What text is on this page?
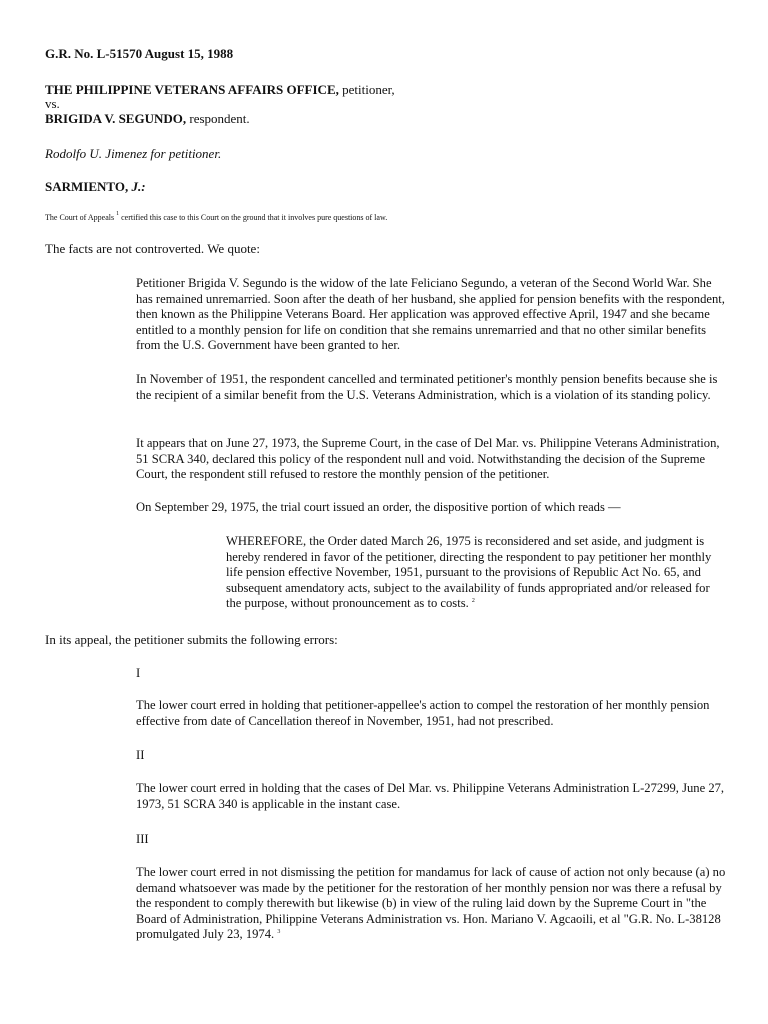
G.R. No. L-51570 August 15, 1988

THE PHILIPPINE VETERANS AFFAIRS OFFICE, petitioner,

vs.

BRIGIDA V. SEGUNDO, respondent.

Rodolfo U. Jimenez for petitioner.

SARMIENTO, J.:

The Court of Appeals $^1$ certified this case to this Court on the ground that it involves pure questions of law.

The facts are not controverted. We quote:

Petitioner Brigida V. Segundo is the widow of the late Feliciano Segundo, a veteran of the Second World War. She has remained unremarried. Soon after the death of her husband, she applied for pension benefits with the respondent, then known as the Philippine Veterans Board. Her application was approved effective April, 1947 and she became entitled to a monthly pension for life on condition that she remains unremarried and that no other similar benefits from the U.S. Government have been granted to her.

In November of 1951, the respondent cancelled and terminated petitioner's monthly pension benefits because she is the recipient of a similar benefit from the U.S. Veterans Administration, which is a violation of its standing policy.

It appears that on June 27, 1973, the Supreme Court, in the case of Del Mar. vs. Philippine Veterans Administration, 51 SCRA 340, declared this policy of the respondent null and void. Notwithstanding the decision of the Supreme Court, the respondent still refused to restore the monthly pension of the petitioner.

On September 29, 1975, the trial court issued an order, the dispositive portion of which reads —

WHEREFORE, the Order dated March 26, 1975 is reconsidered and set aside, and judgment is hereby rendered in favor of the petitioner, directing the respondent to pay petitioner her monthly life pension effective November, 1951, pursuant to the provisions of Republic Act No. 65, and subsequent amendatory acts, subject to the availability of funds appropriated and/or released for the purpose, without pronouncement as to costs. $^2$

In its appeal, the petitioner submits the following errors:

I

The lower court erred in holding that petitioner-appellee's action to compel the restoration of her monthly pension effective from date of Cancellation thereof in November, 1951, had not prescribed.

II

The lower court erred in holding that the cases of Del Mar. vs. Philippine Veterans Administration L-27299, June 27, 1973, 51 SCRA 340 is applicable in the instant case.

III

The lower court erred in not dismissing the petition for mandamus for lack of cause of action not only because (a) no demand whatsoever was made by the petitioner for the restoration of her monthly pension nor was there a refusal by the respondent to comply therewith but likewise (b) in view of the ruling laid down by the Supreme Court in "the Board of Administration, Philippine Veterans Administration vs. Hon. Mariano V. Agcaoili, et al "G.R. No. L-38128 promulgated July 23, 1974. $^3$
